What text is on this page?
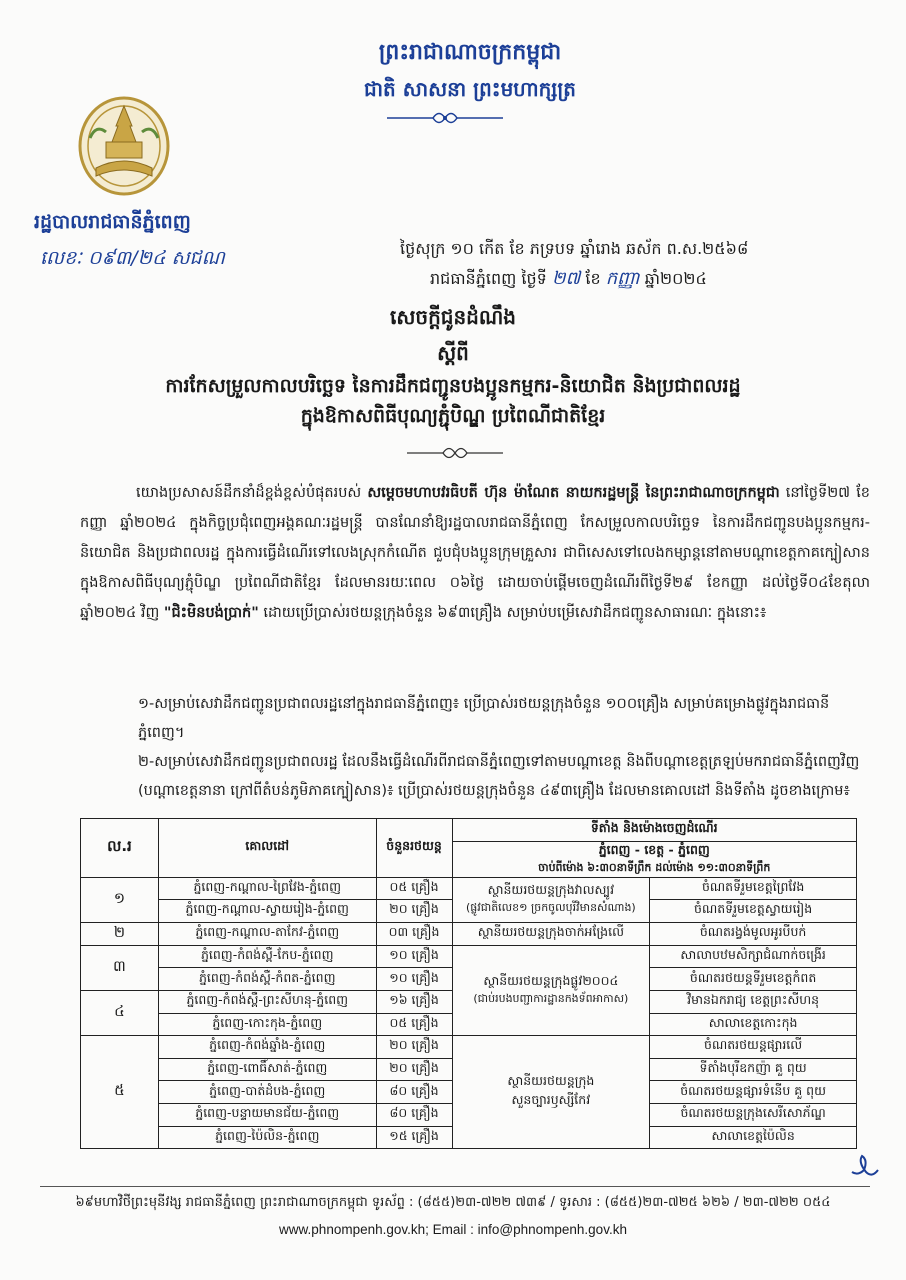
ព្រះរាជាណាចក្រកម្ពុជា
ជាតិ សាសនា ព្រះមហាក្សត្រ
រដ្ឋបាលរាជធានីភ្នំពេញ
លេខៈ ០៩៣/២៤ សជណ	ថ្ងៃសុក្រ ១០ កើត ខែ ភទ្របទ ឆ្នាំរោង ឆស័ក ព.ស.២៥៦៨
រាជធានីភ្នំពេញ ថ្ងៃទី ២៧ ខែ កញ្ញា ឆ្នាំ២០២៤
សេចក្តីជូនដំណឹង
ស្តីពី
ការកែសម្រួលកាលបរិច្ឆេទ នៃការដឹកជញ្ជូនបងប្អូនកម្មករ-និយោជិត និងប្រជាពលរដ្ឋ
ក្នុងឱកាសពិធីបុណ្យភ្ជុំបិណ្ឌ ប្រពៃណីជាតិខ្មែរ
យោងប្រសាសន៍ដឹកនាំដ៏ខ្ពង់ខ្ពស់បំផុតរបស់ សម្តេចមហាបវរធិបតី ហ៊ុន ម៉ាណែត នាយករដ្ឋមន្ត្រី នៃព្រះរាជាណាចក្រកម្ពុជា នៅថ្ងៃទី២៧ ខែកញ្ញា ឆ្នាំ២០២៤ ក្នុងកិច្ចប្រជុំពេញអង្គគណៈរដ្ឋមន្ត្រី បានណែនាំឱ្យរដ្ឋបាលរាជធានីភ្នំពេញ កែសម្រួលកាលបរិច្ឆេទ នៃការដឹកជញ្ជូនបងប្អូនកម្មករ-និយោជិត និងប្រជាពលរដ្ឋ ក្នុងការធ្វើដំណើរទៅលេងស្រុកកំណើត ជួបជុំបងប្អូនក្រុមគ្រួសារ ជាពិសេសទៅលេងកម្សាន្តនៅតាមបណ្តាខេត្តកាគក្បៀសាន ក្នុងឱកាសពិធីបុណ្យភ្ជុំបិណ្ឌ ប្រពៃណីជាតិខ្មែរ ដែលមានរយៈពេល ០៦ថ្ងៃ ដោយចាប់ផ្តើមចេញដំណើរពីថ្ងៃទី២៩ ខែកញ្ញា ដល់ថ្ងៃទី០៤ខែតុលា ឆ្នាំ២០២៤ វិញ "ជិះមិនបង់ប្រាក់" ដោយប្រើប្រាស់រថយន្តក្រុងចំនួន ៦៩៣គ្រឿង សម្រាប់បម្រើសេវាដឹកជញ្ជូនសាធារណៈ ក្នុងនោះ៖
១-សម្រាប់សេវាដឹកជញ្ជូនប្រជាពលរដ្ឋនៅក្នុងរាជធានីភ្នំពេញ៖ ប្រើប្រាស់រថយន្តក្រុងចំនួន ១០០គ្រឿង សម្រាប់គម្រោងផ្លូវក្នុងរាជធានីភ្នំពេញ។
២-សម្រាប់សេវាដឹកជញ្ជូនប្រជាពលរដ្ឋ ដែលនឹងធ្វើដំណើរពីរាជធានីភ្នំពេញទៅតាមបណ្តាខេត្ត និងពីបណ្តាខេត្តត្រឡប់មករាជធានីភ្នំពេញវិញ (បណ្តាខេត្តនានា ក្រៅពីតំបន់ភូមិភាគក្បៀសាន)៖ ប្រើប្រាស់រថយន្តក្រុងចំនួន ៤៩៣គ្រឿង ដែលមានគោលដៅ និងទីតាំង ដូចខាងក្រោម៖
ល.រ	គោលដៅ	ចំនួនរថយន្ត	ទីតាំង និងម៉ោងចេញដំណើរ	
			ភ្នំពេញ - ខេត្ត - ភ្នំពេញ
ចាប់ពីម៉ោង ៦:៣០នាទីព្រឹក ដល់ម៉ោង ១១:៣០នាទីព្រឹក	

១	ភ្នំពេញ-កណ្តាល-ព្រៃវែង-ភ្នំពេញ	០៥ គ្រឿង	ស្ថានីយរថយន្តក្រុងវាលស្បូវ
(ផ្លូវជាតិលេខ១ ច្រកចូលបុរីវិមានសំណាង)	ចំណតទីរួមខេត្តព្រៃវែង
	ភ្នំពេញ-កណ្តាល-ស្វាយរៀង-ភ្នំពេញ	២០ គ្រឿង		ចំណតទីរួមខេត្តស្វាយរៀង
២	ភ្នំពេញ-កណ្តាល-តាកែវ-ភ្នំពេញ	០៣ គ្រឿង	ស្ថានីយរថយន្តក្រុងចាក់អង្រែលើ	ចំណតរង្វង់មូលអូរបីបក់
៣	ភ្នំពេញ-កំពង់ស្ពឺ-កែប-ភ្នំពេញ	១០ គ្រឿង	ស្ថានីយរថយន្តក្រុងផ្លូវ២០០៤
(ជាប់របងបញ្ជាការដ្ឋានកងទ័ពអាកាស)	សាលាបឋមសិក្សាជំណាក់ចង្រើរ
	ភ្នំពេញ-កំពង់ស្ពឺ-កំពត-ភ្នំពេញ	១០ គ្រឿង		ចំណតរថយន្តទីរួមខេត្តកំពត
៤	ភ្នំពេញ-កំពង់ស្ពឺ-ព្រះសីហនុ-ភ្នំពេញ	១៦ គ្រឿង		វិមានឯករាជ្យ ខេត្តព្រះសីហនុ
	ភ្នំពេញ-កោះកុង-ភ្នំពេញ	០៥ គ្រឿង		សាលាខេត្តកោះកុង
៥	ភ្នំពេញ-កំពង់ឆ្នាំង-ភ្នំពេញ	២០ គ្រឿង	ស្ថានីយរថយន្តក្រុង
សួនច្បារឫស្សីកែវ	ចំណតរថយន្តផ្សារលើ
	ភ្នំពេញ-ពោធិ៍សាត់-ភ្នំពេញ	២០ គ្រឿង		ទីតាំងបុរីឧកញ៉ា គួ ពុយ
	ភ្នំពេញ-បាត់ដំបង-ភ្នំពេញ	៨០ គ្រឿង		ចំណតរថយន្តផ្សារទំនើប គួ ពុយ
	ភ្នំពេញ-បន្ទាយមានជ័យ-ភ្នំពេញ	៨០ គ្រឿង		ចំណតរថយន្តក្រុងសេរីសោភ័ណ្ឌ
	ភ្នំពេញ-ប៉ៃលិន-ភ្នំពេញ	១៥ គ្រឿង		សាលាខេត្តប៉ៃលិន
៦៩មហាវិថីព្រះមុនីវង្ស រាជធានីភ្នំពេញ ព្រះរាជាណាចក្រកម្ពុជា ទូរស័ព្ទ : (៨៥៥)២៣-៧២២ ៧៣៩ / ទូរសារ : (៨៥៥)២៣-៧២៥ ៦២៦ / ២៣-៧២២ ០៥៤
www.phnompenh.gov.kh; Email : info@phnompenh.gov.kh
